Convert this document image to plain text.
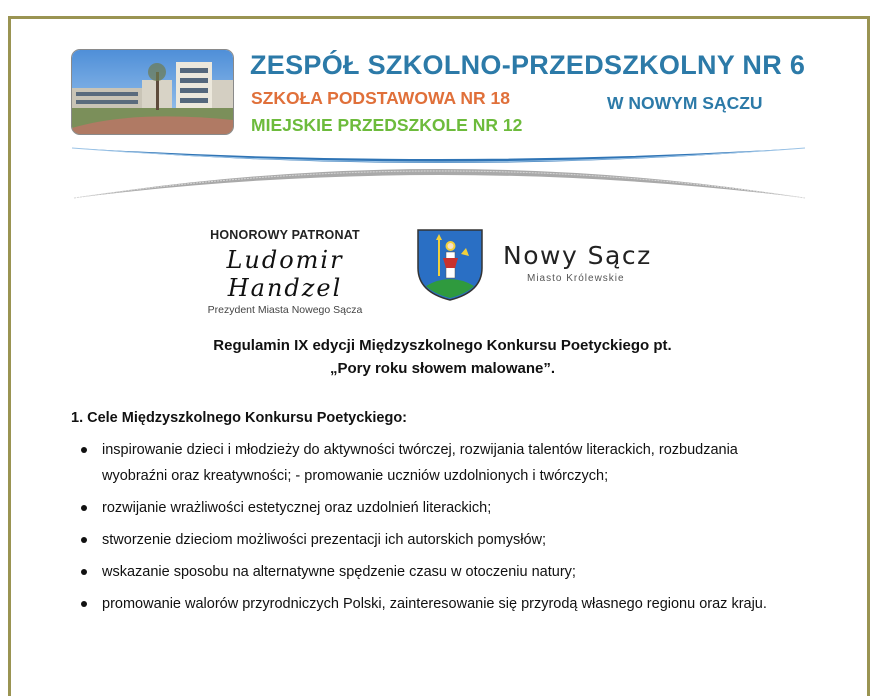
ZESPÓŁ SZKOLNO-PRZEDSZKOLNY NR 6
SZKOŁA PODSTAWOWA NR 18
MIEJSKIE PRZEDSZKOLE NR 12
W NOWYM SĄCZU
HONOROWY PATRONAT
Ludomir Handzel
Prezydent Miasta Nowego Sącza
Nowy Sącz
Miasto Królewskie
Regulamin IX edycji Międzyszkolnego Konkursu Poetyckiego pt.
„Pory roku słowem malowane”.
1. Cele Międzyszkolnego Konkursu Poetyckiego:
inspirowanie dzieci i młodzieży do aktywności twórczej, rozwijania talentów literackich, rozbudzania wyobraźni oraz kreatywności; - promowanie uczniów uzdolnionych i twórczych;
rozwijanie wrażliwości estetycznej oraz uzdolnień literackich;
stworzenie dzieciom możliwości prezentacji ich autorskich pomysłów;
wskazanie sposobu na alternatywne spędzenie czasu w otoczeniu natury;
promowanie walorów przyrodniczych Polski, zainteresowanie się przyrodą własnego regionu oraz kraju.
